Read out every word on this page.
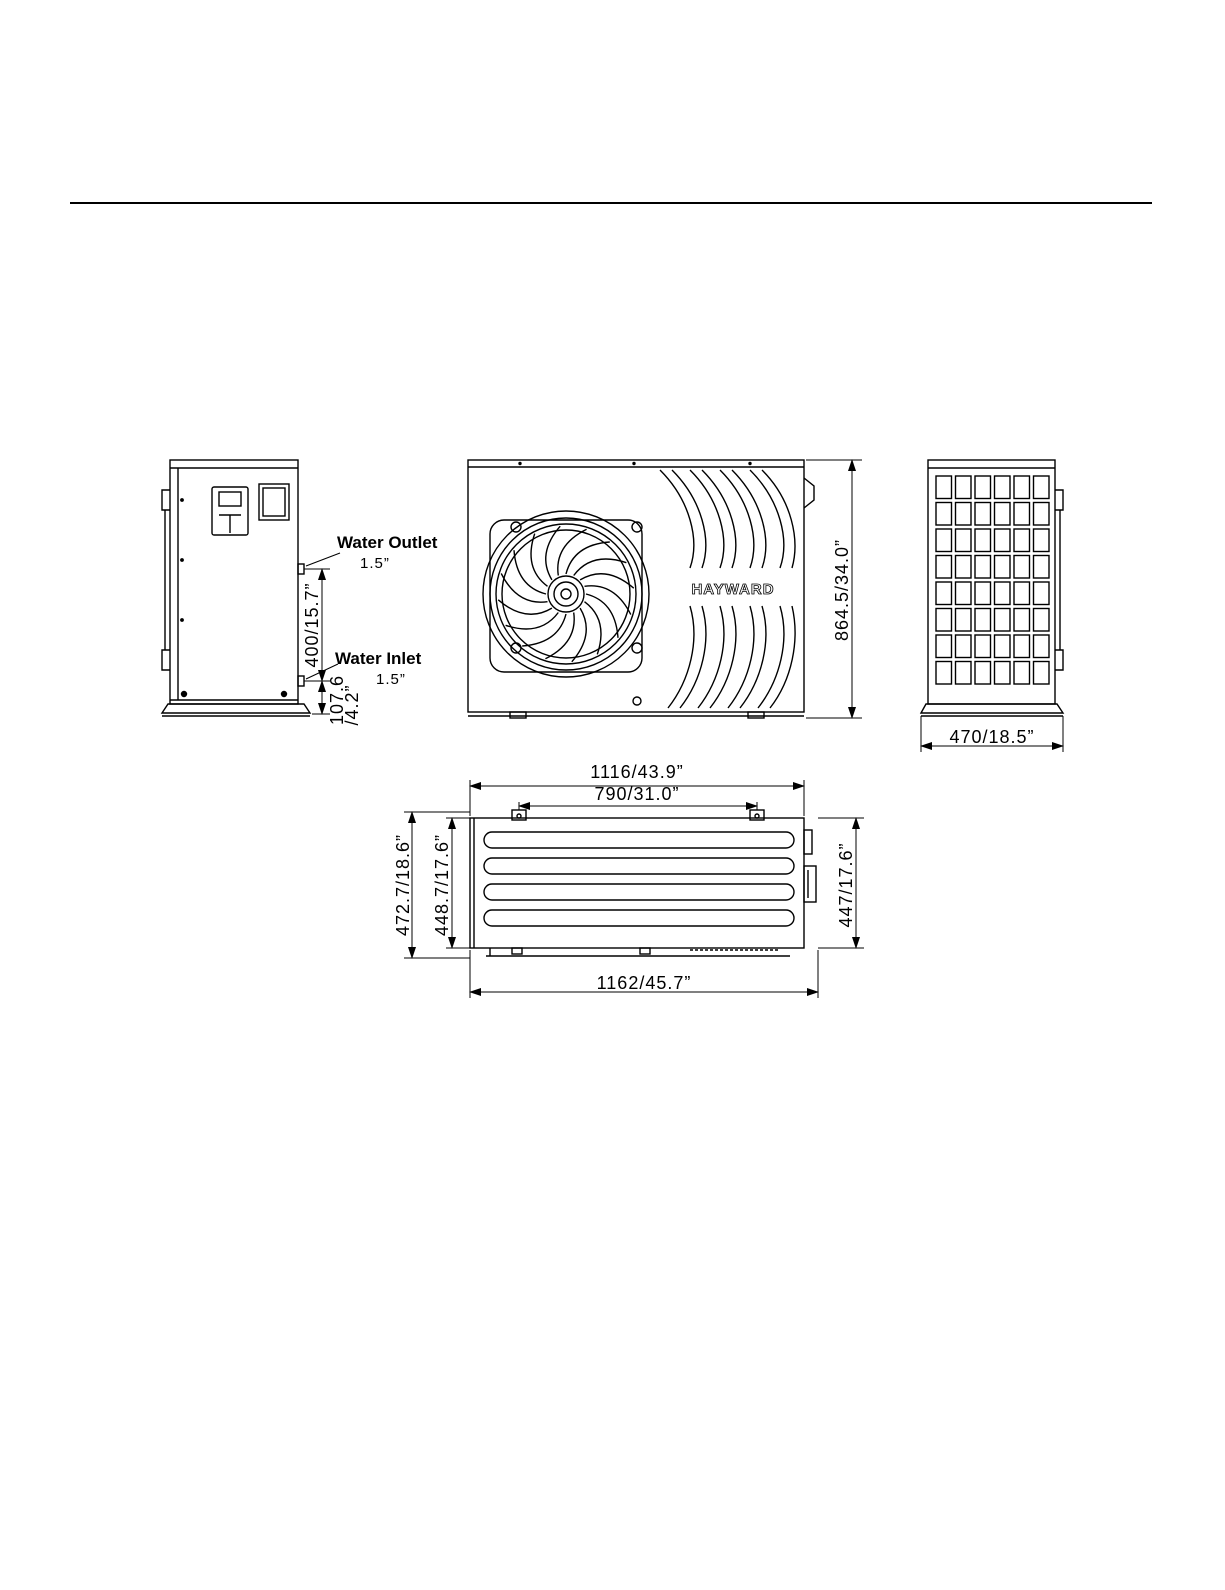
Water Outlet
1.5”
Water Inlet
1.5”
400/15.7”
107.6
/4.2”
HAYWARD	864.5/34.0”
470/18.5”
1116/43.9”
790/31.0”
472.7/18.6” 448.7/17.6”	447/17.6”
1162/45.7”
